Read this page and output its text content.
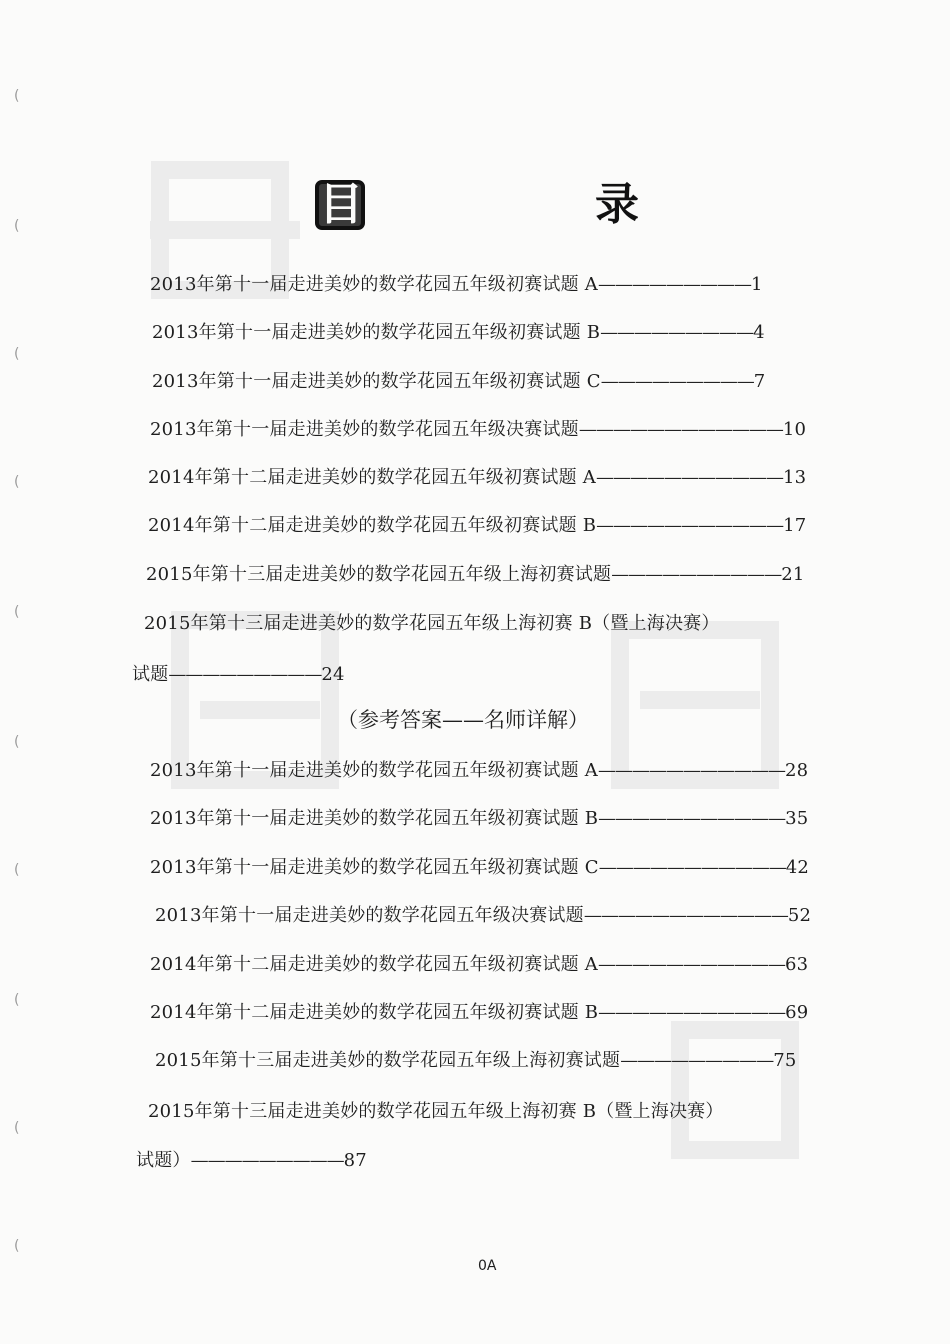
(
(
(
(
(
(
(
(
(
(
目	录
2013年第十一届走进美妙的数学花园五年级初赛试题 A—————————1
2013年第十一届走进美妙的数学花园五年级初赛试题 B—————————4
2013年第十一届走进美妙的数学花园五年级初赛试题 C—————————7
2013年第十一届走进美妙的数学花园五年级决赛试题————————————10
2014年第十二届走进美妙的数学花园五年级初赛试题 A———————————13
2014年第十二届走进美妙的数学花园五年级初赛试题 B———————————17
2015年第十三届走进美妙的数学花园五年级上海初赛试题——————————21
2015年第十三届走进美妙的数学花园五年级上海初赛 B（暨上海决赛）
试题—————————24
（参考答案——名师详解）
2013年第十一届走进美妙的数学花园五年级初赛试题 A———————————28
2013年第十一届走进美妙的数学花园五年级初赛试题 B———————————35
2013年第十一届走进美妙的数学花园五年级初赛试题 C———————————42
2013年第十一届走进美妙的数学花园五年级决赛试题————————————52
2014年第十二届走进美妙的数学花园五年级初赛试题 A———————————63
2014年第十二届走进美妙的数学花园五年级初赛试题 B———————————69
2015年第十三届走进美妙的数学花园五年级上海初赛试题—————————75
2015年第十三届走进美妙的数学花园五年级上海初赛 B（暨上海决赛）
试题）—————————87
0A
